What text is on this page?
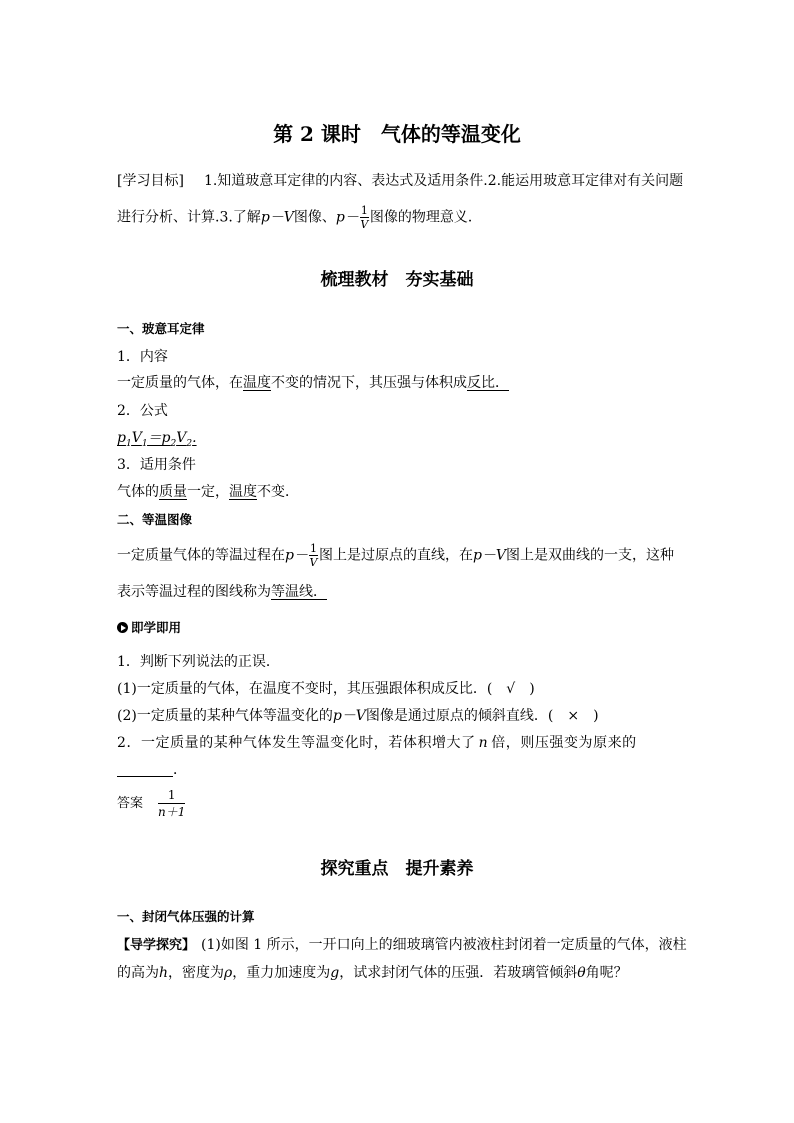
第 2 课时　气体的等温变化
[学习目标] 1.知道玻意耳定律的内容、表达式及适用条件.2.能运用玻意耳定律对有关问题
进行分析、计算.3.了解p－V图像、$p- \frac{1}{V}$ 图像的物理意义．
梳理教材　夯实基础
一、玻意耳定律
1．内容
一定质量的气体，在温度不变的情况下，其压强与体积成反比．
2．公式
$p_1V_1=p_2V_2$.
3．适用条件
气体的质量一定，温度不变．
二、等温图像
一定质量气体的等温过程在$p- \frac{1}{V}$ 图上是过原点的直线，在p－V图上是双曲线的一支，这种
表示等温过程的图线称为等温线．
即学即用
1．判断下列说法的正误．
(1)一定质量的气体，在温度不变时，其压强跟体积成反比．(　√　)
(2)一定质量的某种气体等温变化的p－V图像是通过原点的倾斜直线．(　×　)
2．一定质量的某种气体发生等温变化时，若体积增大了 n 倍，则压强变为原来的
．
答案 $\frac{1}{n+1}$
探究重点　提升素养
一、封闭气体压强的计算
【导学探究】 (1)如图 1 所示，一开口向上的细玻璃管内被液柱封闭着一定质量的气体，液柱
的高为h，密度为ρ，重力加速度为g，试求封闭气体的压强．若玻璃管倾斜θ角呢？
